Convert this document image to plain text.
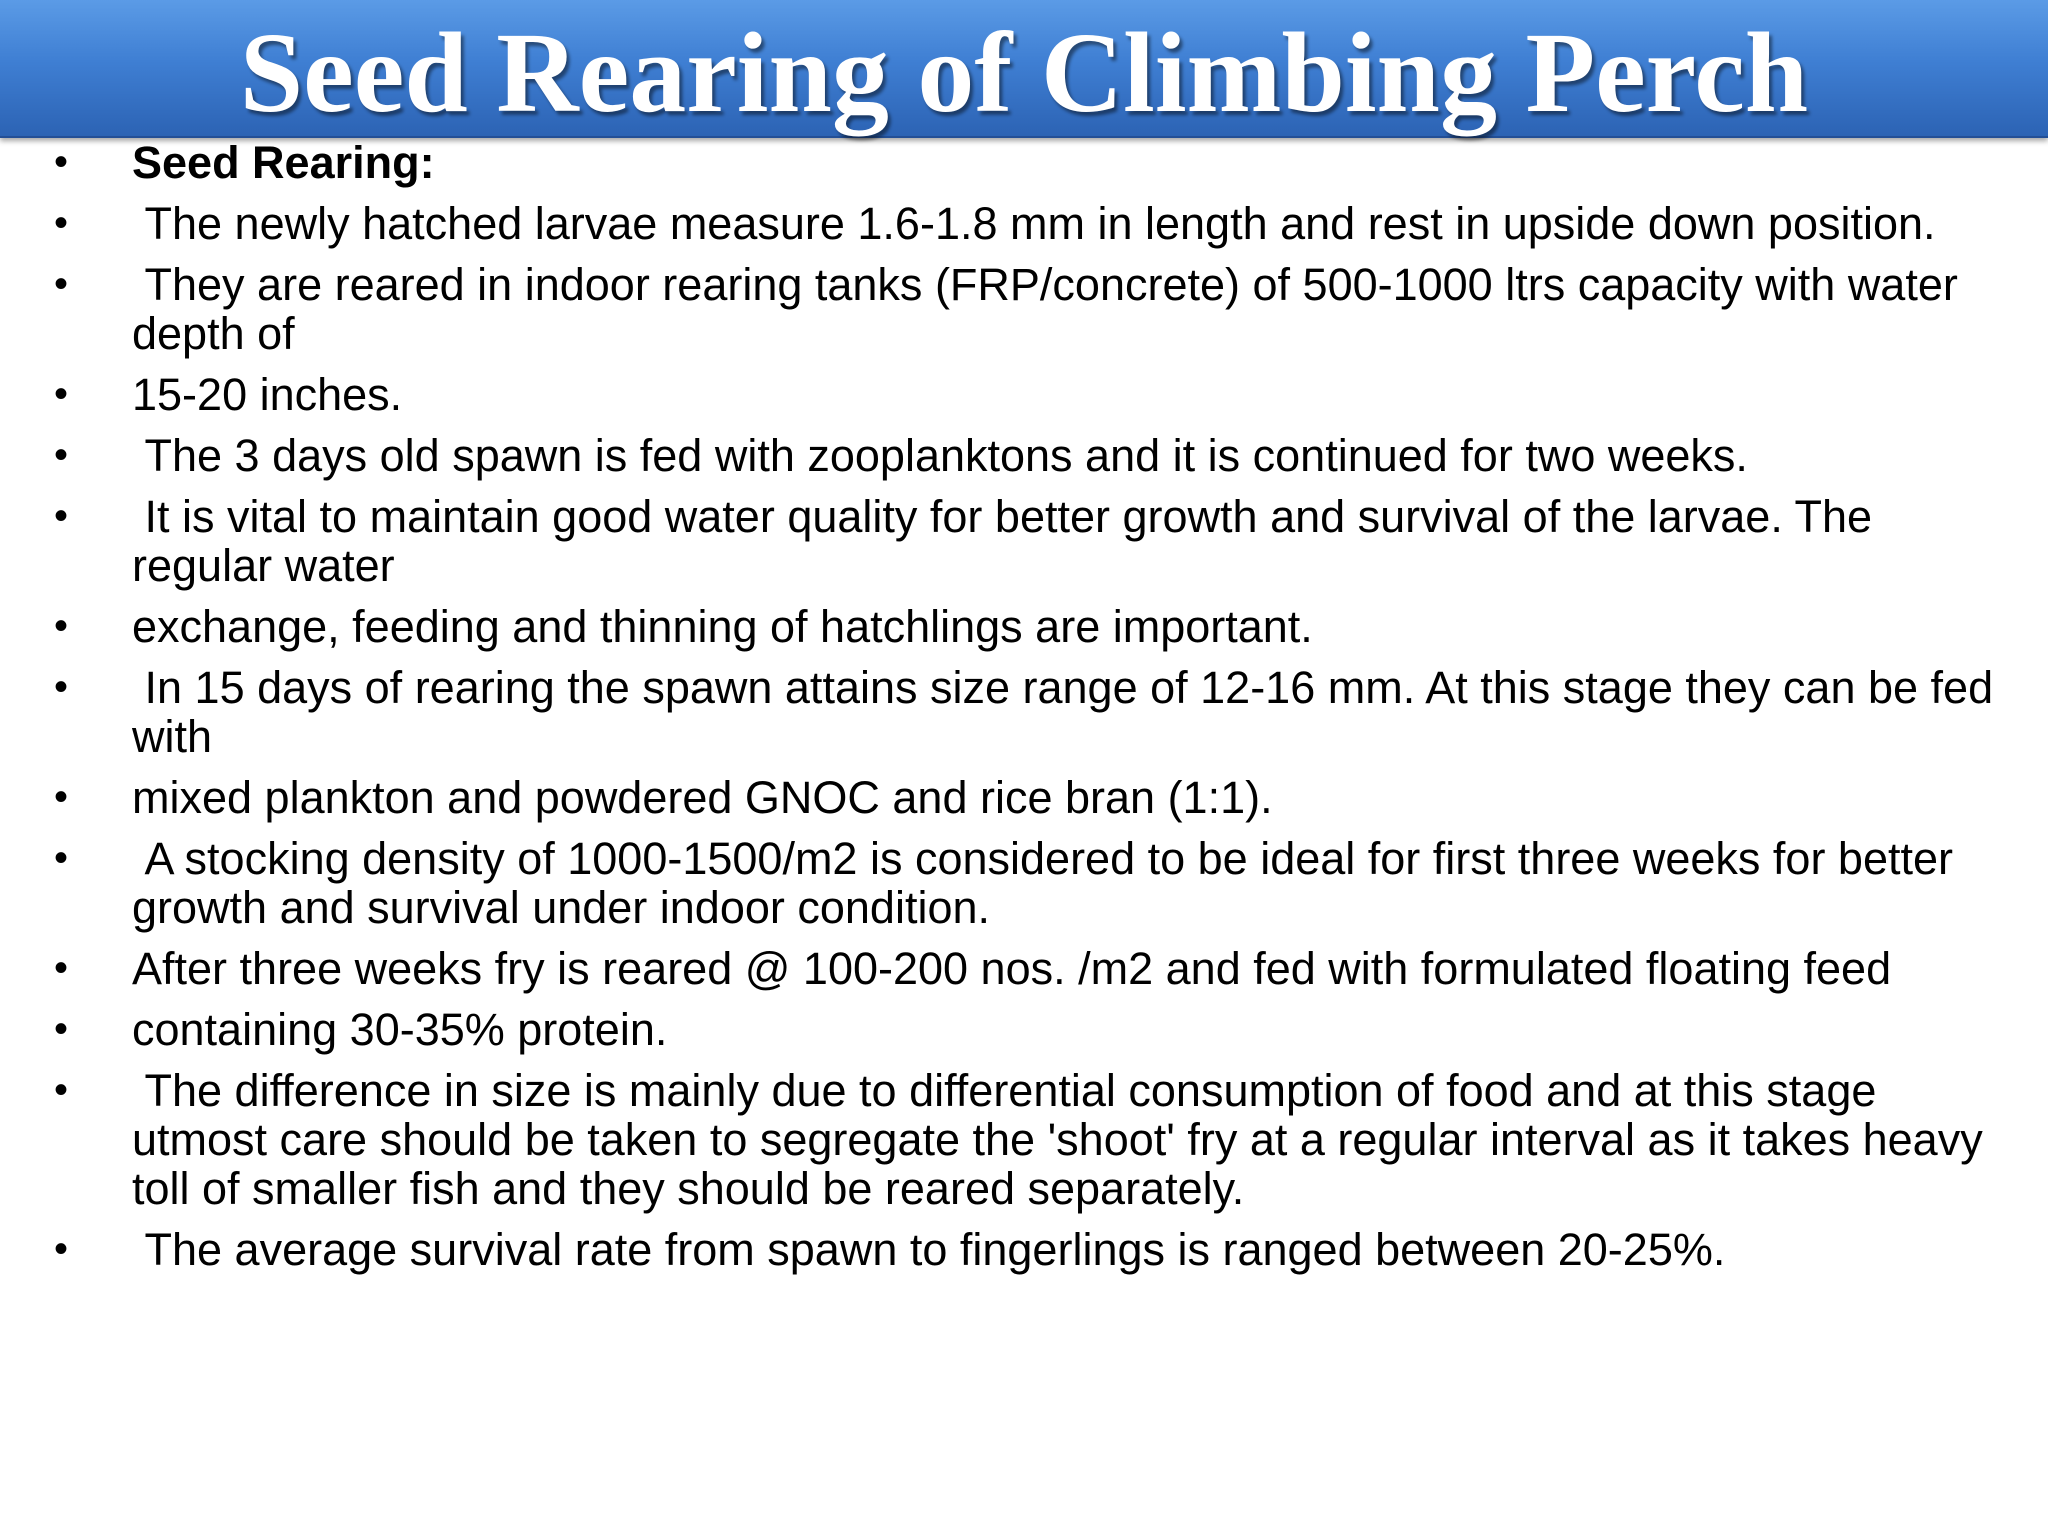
Seed Rearing of Climbing Perch
•	Seed Rearing:
•	The newly hatched larvae measure 1.6-1.8 mm in length and rest in upside down position.
•	They are reared in indoor rearing tanks (FRP/concrete) of 500-1000 ltrs capacity with water depth of
•	15-20 inches.
•	The 3 days old spawn is fed with zooplanktons and it is continued for two weeks.
•	It is vital to maintain good water quality for better growth and survival of the larvae. The regular water
•	exchange, feeding and thinning of hatchlings are important.
•	In 15 days of rearing the spawn attains size range of 12-16 mm. At this stage they can be fed with
•	mixed plankton and powdered GNOC and rice bran (1:1).
•	A stocking density of 1000-1500/m2 is considered to be ideal for first three weeks for better growth and survival under indoor condition.
•	After three weeks fry is reared @ 100-200 nos. /m2 and fed with formulated floating feed
•	containing 30-35% protein.
•	The difference in size is mainly due to differential consumption of food and at this stage utmost care should be taken to segregate the 'shoot' fry at a regular interval as it takes heavy toll of smaller fish and they should be reared separately.
•	The average survival rate from spawn to fingerlings is ranged between 20-25%.
